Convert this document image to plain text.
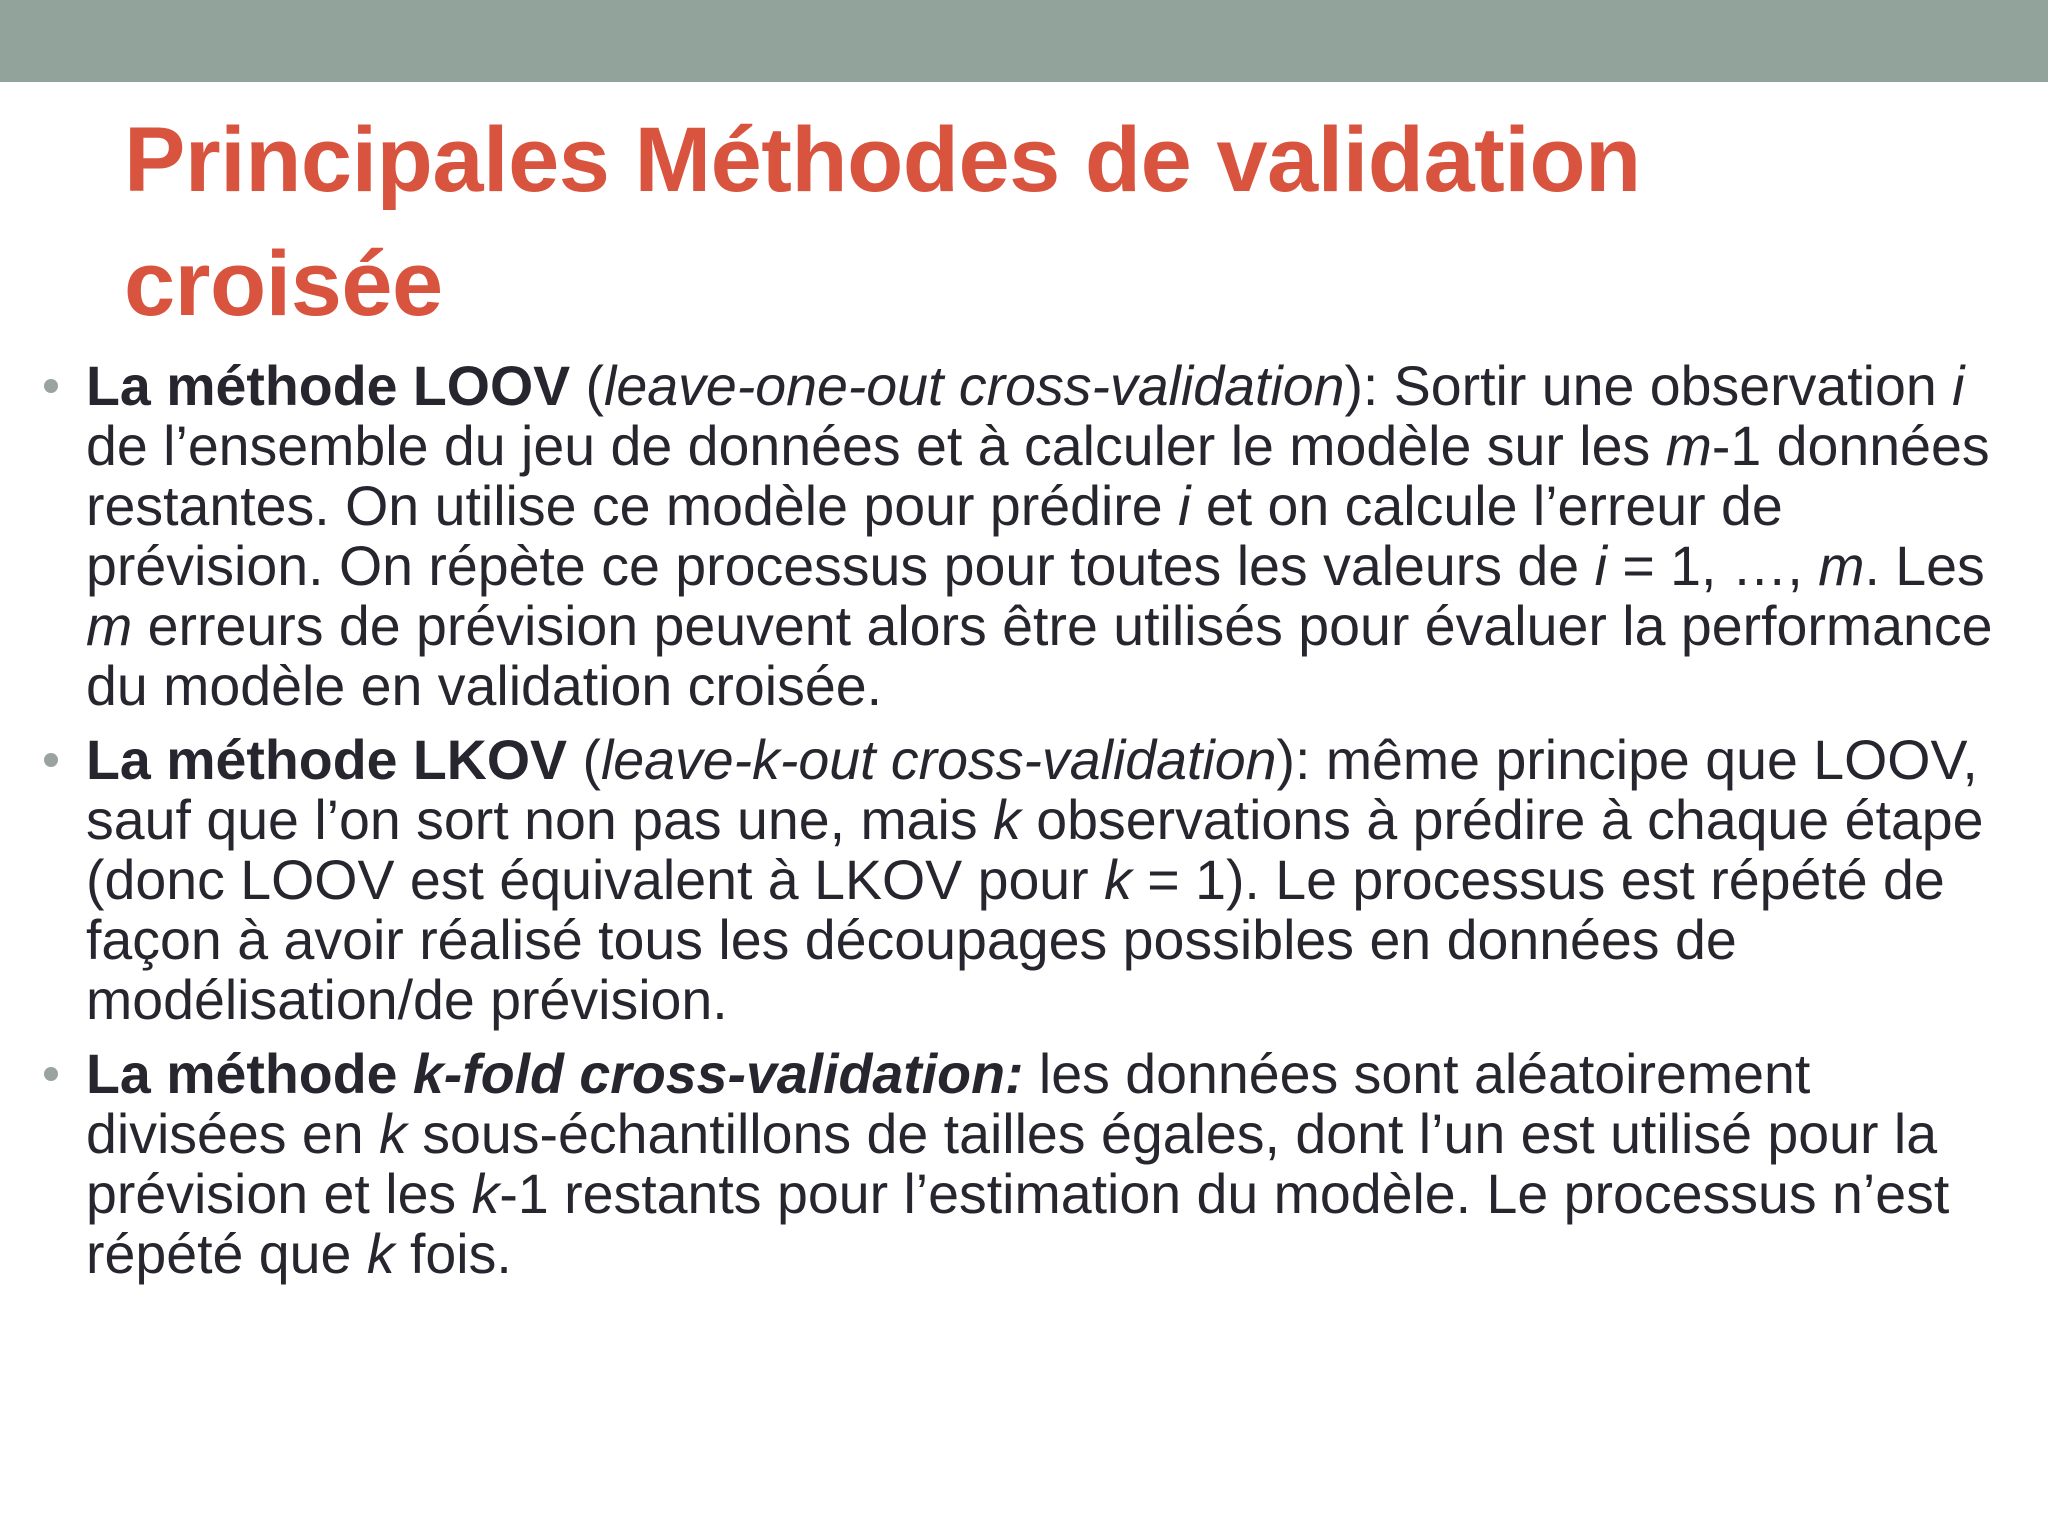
Principales Méthodes de validation croisée
La méthode LOOV (leave-one-out cross-validation): Sortir une observation i de l’ensemble du jeu de données et à calculer le modèle sur les m-1 données restantes. On utilise ce modèle pour prédire i et on calcule l’erreur de prévision. On répète ce processus pour toutes les valeurs de i = 1, …, m. Les m erreurs de prévision peuvent alors être utilisés pour évaluer la performance du modèle en validation croisée.
La méthode LKOV (leave-k-out cross-validation): même principe que LOOV, sauf que l’on sort non pas une, mais k observations à prédire à chaque étape (donc LOOV est équivalent à LKOV pour k = 1). Le processus est répété de façon à avoir réalisé tous les découpages possibles en données de modélisation/de prévision.
La méthode k-fold cross-validation: les données sont aléatoirement divisées en k sous-échantillons de tailles égales, dont l’un est utilisé pour la prévision et les k-1 restants pour l’estimation du modèle. Le processus n’est répété que k fois.
